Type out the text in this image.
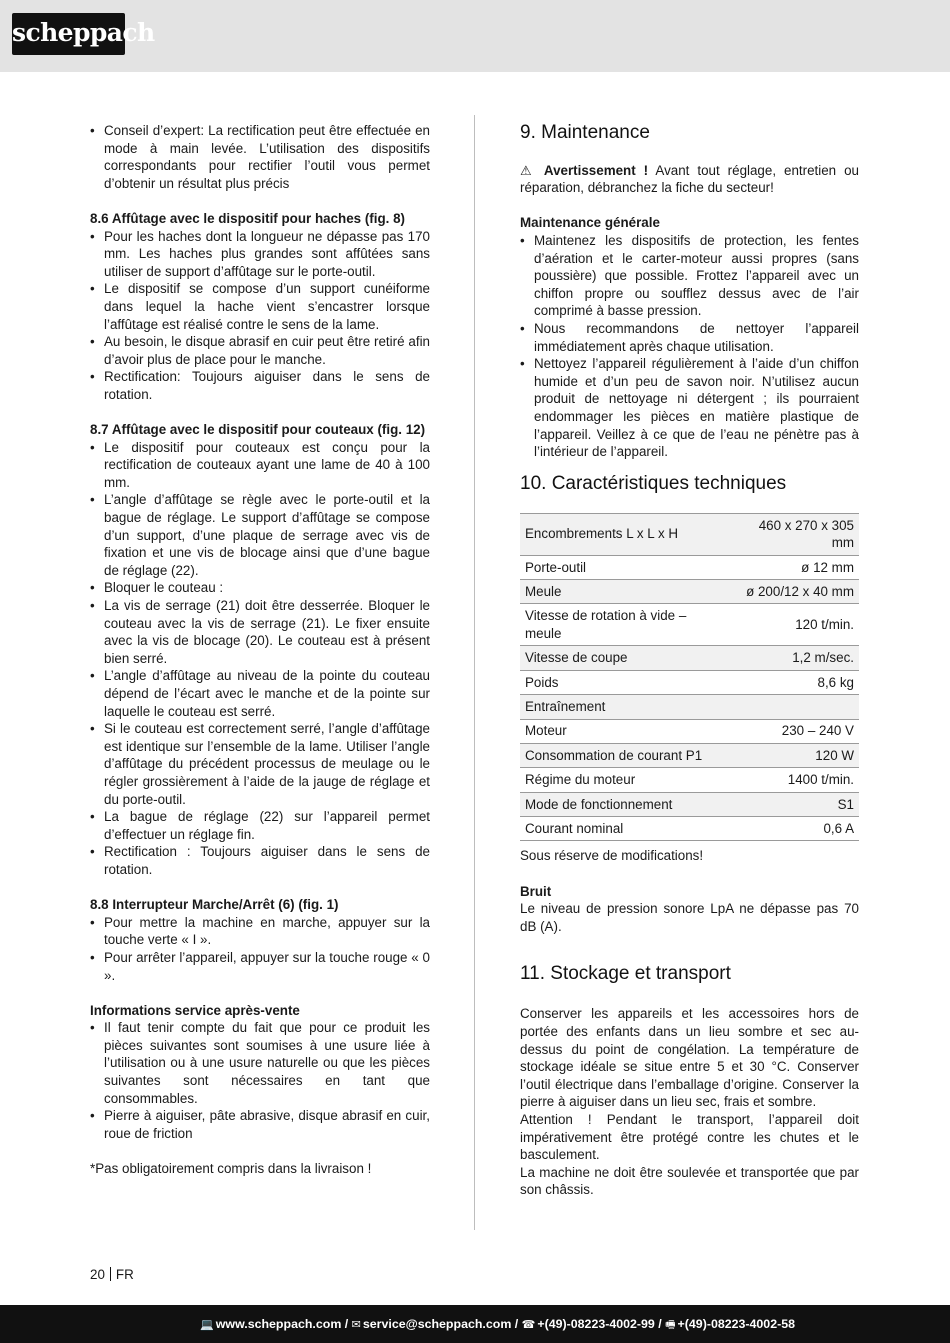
scheppach
• Conseil d’expert: La rectification peut être effectuée en mode à main levée. L’utilisation des dispositifs correspondants pour rectifier l’outil vous permet d’obtenir un résultat plus précis

8.6 Affûtage avec le dispositif pour haches (fig. 8)

• Pour les haches dont la longueur ne dépasse pas 170 mm. Les haches plus grandes sont affûtées sans utiliser de support d’affûtage sur le porte-outil.
• Le dispositif se compose d’un support cunéiforme dans lequel la hache vient s’encastrer lorsque l’affûtage est réalisé contre le sens de la lame.
• Au besoin, le disque abrasif en cuir peut être retiré afin d’avoir plus de place pour le manche.
• Rectification: Toujours aiguiser dans le sens de rotation.

8.7 Affûtage avec le dispositif pour couteaux (fig. 12)

• Le dispositif pour couteaux est conçu pour la rectification de couteaux ayant une lame de 40 à 100 mm.
• L’angle d’affûtage se règle avec le porte-outil et la bague de réglage. Le support d’affûtage se compose d’un support, d’une plaque de serrage avec vis de fixation et une vis de blocage ainsi que d’une bague de réglage (22).
• Bloquer le couteau :
• La vis de serrage (21) doit être desserrée. Bloquer le couteau avec la vis de serrage (21). Le fixer ensuite avec la vis de blocage (20). Le couteau est à présent bien serré.
• L’angle d’affûtage au niveau de la pointe du couteau dépend de l’écart avec le manche et de la pointe sur laquelle le couteau est serré.
• Si le couteau est correctement serré, l’angle d’affûtage est identique sur l’ensemble de la lame. Utiliser l’angle d’affûtage du précédent processus de meulage ou le régler grossièrement à l’aide de la jauge de réglage et du porte-outil.
• La bague de réglage (22) sur l’appareil permet d’effectuer un réglage fin.
• Rectification : Toujours aiguiser dans le sens de rotation.

8.8 Interrupteur Marche/Arrêt (6) (fig. 1)

• Pour mettre la machine en marche, appuyer sur la touche verte « I ».
• Pour arrêter l’appareil, appuyer sur la touche rouge « 0 ».

Informations service après-vente

• Il faut tenir compte du fait que pour ce produit les pièces suivantes sont soumises à une usure liée à l’utilisation ou à une usure naturelle ou que les pièces suivantes sont nécessaires en tant que consommables.
• Pierre à aiguiser, pâte abrasive, disque abrasif en cuir, roue de friction

*Pas obligatoirement compris dans la livraison !

9. Maintenance

⚠ Avertissement ! Avant tout réglage, entretien ou réparation, débranchez la fiche du secteur!

Maintenance générale

• Maintenez les dispositifs de protection, les fentes d’aération et le carter-moteur aussi propres (sans poussière) que possible. Frottez l’appareil avec un chiffon propre ou soufflez dessus avec de l’air comprimé à basse pression.
• Nous recommandons de nettoyer l’appareil immédiatement après chaque utilisation.
• Nettoyez l’appareil régulièrement à l’aide d’un chiffon humide et d’un peu de savon noir. N’utilisez aucun produit de nettoyage ni détergent ; ils pourraient endommager les pièces en matière plastique de l’appareil. Veillez à ce que de l’eau ne pénètre pas à l’intérieur de l’appareil.
10. Caractéristiques techniques
Encombrements L x L x H	460 x 270 x 305 mm
Porte-outil	ø 12 mm
Meule	ø 200/12 x 40 mm
Vitesse de rotation à vide – meule	120 t/min.
Vitesse de coupe	1,2 m/sec.
Poids	8,6 kg
Entraînement	
Moteur	230 – 240 V
Consommation de courant P1	120 W
Régime du moteur	1400 t/min.
Mode de fonctionnement	S1
Courant nominal	0,6 A

Sous réserve de modifications!

Bruit

Le niveau de pression sonore LpA ne dépasse pas 70 dB (A).

11. Stockage et transport

Conserver les appareils et les accessoires hors de portée des enfants dans un lieu sombre et sec au-dessus du point de congélation. La température de stockage idéale se situe entre 5 et 30 °C. Conserver l’outil électrique dans l’emballage d’origine. Conserver la pierre à aiguiser dans un lieu sec, frais et sombre.

Attention ! Pendant le transport, l’appareil doit impérativement être protégé contre les chutes et le basculement.

La machine ne doit être soulevée et transportée que par son châssis.

20 FR
💻 www.scheppach.com / ✉ service@scheppach.com / ☎ +(49)-08223-4002-99 / 🖷 +(49)-08223-4002-58
